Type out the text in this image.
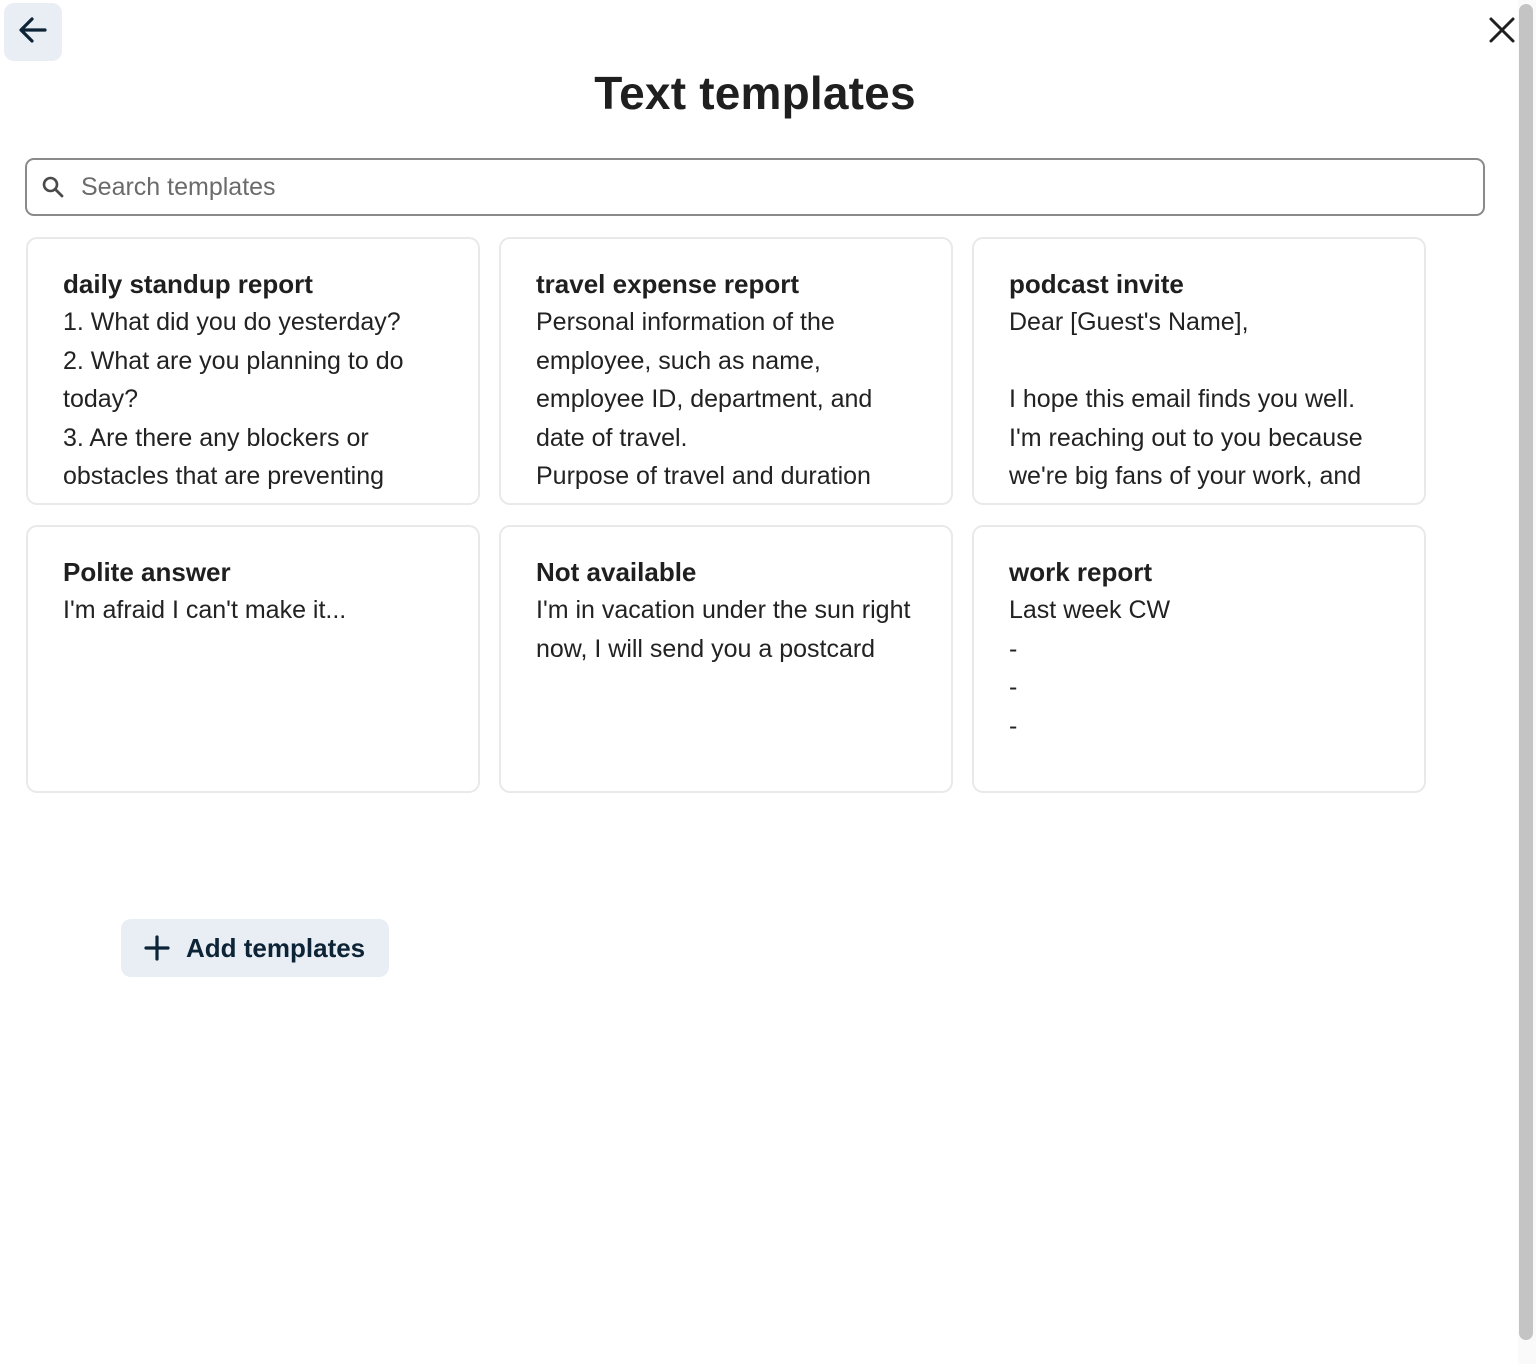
Text templates
Search templates
daily standup report
1. What did you do yesterday?
2. What are you planning to do today?
3. Are there any blockers or obstacles that are preventing
travel expense report
Personal information of the employee, such as name, employee ID, department, and date of travel.
Purpose of travel and duration
podcast invite
Dear [Guest's Name],

I hope this email finds you well. I'm reaching out to you because we're big fans of your work, and
Polite answer
I'm afraid I can't make it...
Not available
I'm in vacation under the sun right now, I will send you a postcard
work report
Last week CW
-
-
-
Add templates
